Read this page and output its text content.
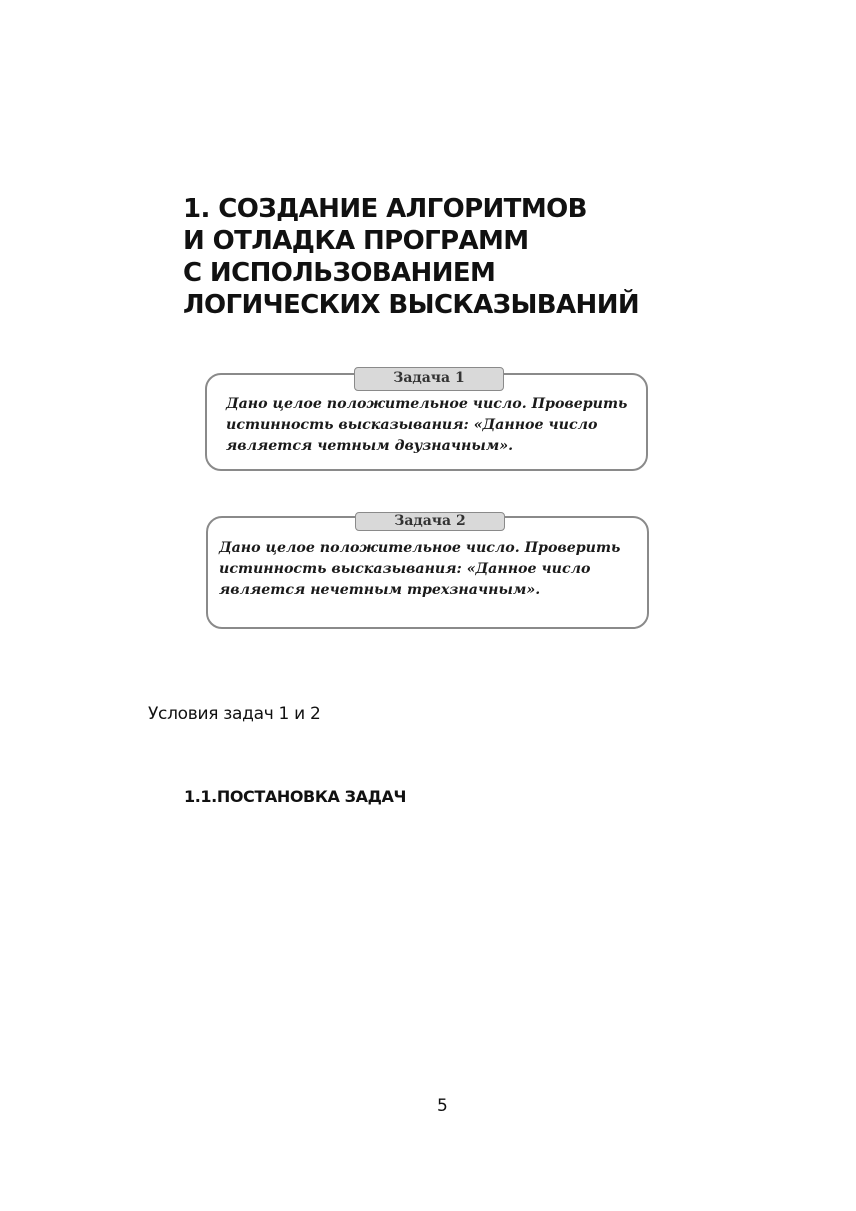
1. СОЗДАНИЕ АЛГОРИТМОВ
И ОТЛАДКА ПРОГРАММ
С ИСПОЛЬЗОВАНИЕМ
ЛОГИЧЕСКИХ ВЫСКАЗЫВАНИЙ
Задача 1
Дано целое положительное число. Проверить
истинность высказывания: «Данное число
является четным двузначным».
Задача 2
Дано целое положительное число. Проверить
истинность высказывания: «Данное число
является нечетным трехзначным».
Условия задач 1 и 2
1.1.ПОСТАНОВКА ЗАДАЧ
5
